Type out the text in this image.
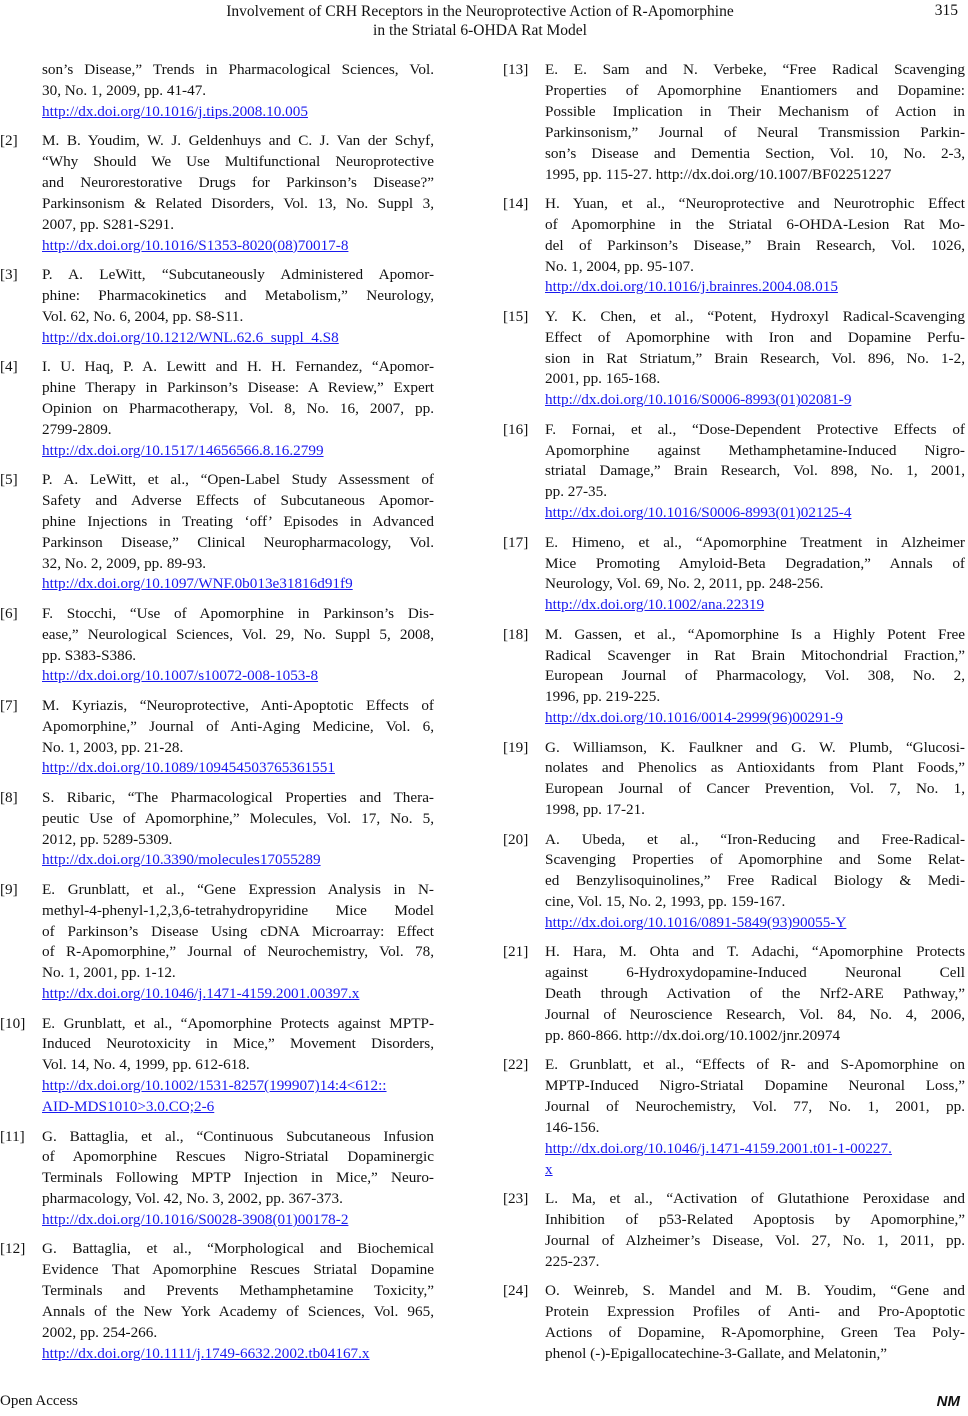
Involvement of CRH Receptors in the Neuroprotective Action of R-Apomorphine
in the Striatal 6-OHDA Rat Model
315
son’s Disease,” Trends in Pharmacological Sciences, Vol.
30, No. 1, 2009, pp. 41-47.
http://dx.doi.org/10.1016/j.tips.2008.10.005
[2]	M. B. Youdim, W. J. Geldenhuys and C. J. Van der Schyf,
“Why Should We Use Multifunctional Neuroprotective
and Neurorestorative Drugs for Parkinson’s Disease?”
Parkinsonism & Related Disorders, Vol. 13, No. Suppl 3,
2007, pp. S281-S291.
http://dx.doi.org/10.1016/S1353-8020(08)70017-8
[3]	P. A. LeWitt, “Subcutaneously Administered Apomor-
phine: Pharmacokinetics and Metabolism,” Neurology,
Vol. 62, No. 6, 2004, pp. S8-S11.
http://dx.doi.org/10.1212/WNL.62.6_suppl_4.S8
[4]	I. U. Haq, P. A. Lewitt and H. H. Fernandez, “Apomor-
phine Therapy in Parkinson’s Disease: A Review,” Expert
Opinion on Pharmacotherapy, Vol. 8, No. 16, 2007, pp.
2799-2809.
http://dx.doi.org/10.1517/14656566.8.16.2799
[5]	P. A. LeWitt, et al., “Open-Label Study Assessment of
Safety and Adverse Effects of Subcutaneous Apomor-
phine Injections in Treating ‘off’ Episodes in Advanced
Parkinson Disease,” Clinical Neuropharmacology, Vol.
32, No. 2, 2009, pp. 89-93.
http://dx.doi.org/10.1097/WNF.0b013e31816d91f9
[6]	F. Stocchi, “Use of Apomorphine in Parkinson’s Dis-
ease,” Neurological Sciences, Vol. 29, No. Suppl 5, 2008,
pp. S383-S386.
http://dx.doi.org/10.1007/s10072-008-1053-8
[7]	M. Kyriazis, “Neuroprotective, Anti-Apoptotic Effects of
Apomorphine,” Journal of Anti-Aging Medicine, Vol. 6,
No. 1, 2003, pp. 21-28.
http://dx.doi.org/10.1089/109454503765361551
[8]	S. Ribaric, “The Pharmacological Properties and Thera-
peutic Use of Apomorphine,” Molecules, Vol. 17, No. 5,
2012, pp. 5289-5309.
http://dx.doi.org/10.3390/molecules17055289
[9]	E. Grunblatt, et al., “Gene Expression Analysis in N-
methyl-4-phenyl-1,2,3,6-tetrahydropyridine Mice Model
of Parkinson’s Disease Using cDNA Microarray: Effect
of R-Apomorphine,” Journal of Neurochemistry, Vol. 78,
No. 1, 2001, pp. 1-12.
http://dx.doi.org/10.1046/j.1471-4159.2001.00397.x
[10]	E. Grunblatt, et al., “Apomorphine Protects against MPTP-
Induced Neurotoxicity in Mice,” Movement Disorders,
Vol. 14, No. 4, 1999, pp. 612-618.
http://dx.doi.org/10.1002/1531-8257(199907)14:4<612::
AID-MDS1010>3.0.CO;2-6
[11]	G. Battaglia, et al., “Continuous Subcutaneous Infusion
of Apomorphine Rescues Nigro-Striatal Dopaminergic
Terminals Following MPTP Injection in Mice,” Neuro-
pharmacology, Vol. 42, No. 3, 2002, pp. 367-373.
http://dx.doi.org/10.1016/S0028-3908(01)00178-2
[12]	G. Battaglia, et al., “Morphological and Biochemical
Evidence That Apomorphine Rescues Striatal Dopamine
Terminals and Prevents Methamphetamine Toxicity,”
Annals of the New York Academy of Sciences, Vol. 965,
2002, pp. 254-266.
http://dx.doi.org/10.1111/j.1749-6632.2002.tb04167.x
[13]	E. E. Sam and N. Verbeke, “Free Radical Scavenging
Properties of Apomorphine Enantiomers and Dopamine:
Possible Implication in Their Mechanism of Action in
Parkinsonism,” Journal of Neural Transmission Parkin-
son’s Disease and Dementia Section, Vol. 10, No. 2-3,
1995, pp. 115-27. http://dx.doi.org/10.1007/BF02251227
[14]	H. Yuan, et al., “Neuroprotective and Neurotrophic Effect
of Apomorphine in the Striatal 6-OHDA-Lesion Rat Mo-
del of Parkinson’s Disease,” Brain Research, Vol. 1026,
No. 1, 2004, pp. 95-107.
http://dx.doi.org/10.1016/j.brainres.2004.08.015
[15]	Y. K. Chen, et al., “Potent, Hydroxyl Radical-Scavenging
Effect of Apomorphine with Iron and Dopamine Perfu-
sion in Rat Striatum,” Brain Research, Vol. 896, No. 1-2,
2001, pp. 165-168.
http://dx.doi.org/10.1016/S0006-8993(01)02081-9
[16]	F. Fornai, et al., “Dose-Dependent Protective Effects of
Apomorphine against Methamphetamine-Induced Nigro-
striatal Damage,” Brain Research, Vol. 898, No. 1, 2001,
pp. 27-35.
http://dx.doi.org/10.1016/S0006-8993(01)02125-4
[17]	E. Himeno, et al., “Apomorphine Treatment in Alzheimer
Mice Promoting Amyloid-Beta Degradation,” Annals of
Neurology, Vol. 69, No. 2, 2011, pp. 248-256.
http://dx.doi.org/10.1002/ana.22319
[18]	M. Gassen, et al., “Apomorphine Is a Highly Potent Free
Radical Scavenger in Rat Brain Mitochondrial Fraction,”
European Journal of Pharmacology, Vol. 308, No. 2,
1996, pp. 219-225.
http://dx.doi.org/10.1016/0014-2999(96)00291-9
[19]	G. Williamson, K. Faulkner and G. W. Plumb, “Glucosi-
nolates and Phenolics as Antioxidants from Plant Foods,”
European Journal of Cancer Prevention, Vol. 7, No. 1,
1998, pp. 17-21.
[20]	A. Ubeda, et al., “Iron-Reducing and Free-Radical-
Scavenging Properties of Apomorphine and Some Relat-
ed Benzylisoquinolines,” Free Radical Biology & Medi-
cine, Vol. 15, No. 2, 1993, pp. 159-167.
http://dx.doi.org/10.1016/0891-5849(93)90055-Y
[21]	H. Hara, M. Ohta and T. Adachi, “Apomorphine Protects
against 6-Hydroxydopamine-Induced Neuronal Cell
Death through Activation of the Nrf2-ARE Pathway,”
Journal of Neuroscience Research, Vol. 84, No. 4, 2006,
pp. 860-866. http://dx.doi.org/10.1002/jnr.20974
[22]	E. Grunblatt, et al., “Effects of R- and S-Apomorphine on
MPTP-Induced Nigro-Striatal Dopamine Neuronal Loss,”
Journal of Neurochemistry, Vol. 77, No. 1, 2001, pp.
146-156.
http://dx.doi.org/10.1046/j.1471-4159.2001.t01-1-00227.
x
[23]	L. Ma, et al., “Activation of Glutathione Peroxidase and
Inhibition of p53-Related Apoptosis by Apomorphine,”
Journal of Alzheimer’s Disease, Vol. 27, No. 1, 2011, pp.
225-237.
[24]	O. Weinreb, S. Mandel and M. B. Youdim, “Gene and
Protein Expression Profiles of Anti- and Pro-Apoptotic
Actions of Dopamine, R-Apomorphine, Green Tea Poly-
phenol (-)-Epigallocatechine-3-Gallate, and Melatonin,”
Open Access	NM
